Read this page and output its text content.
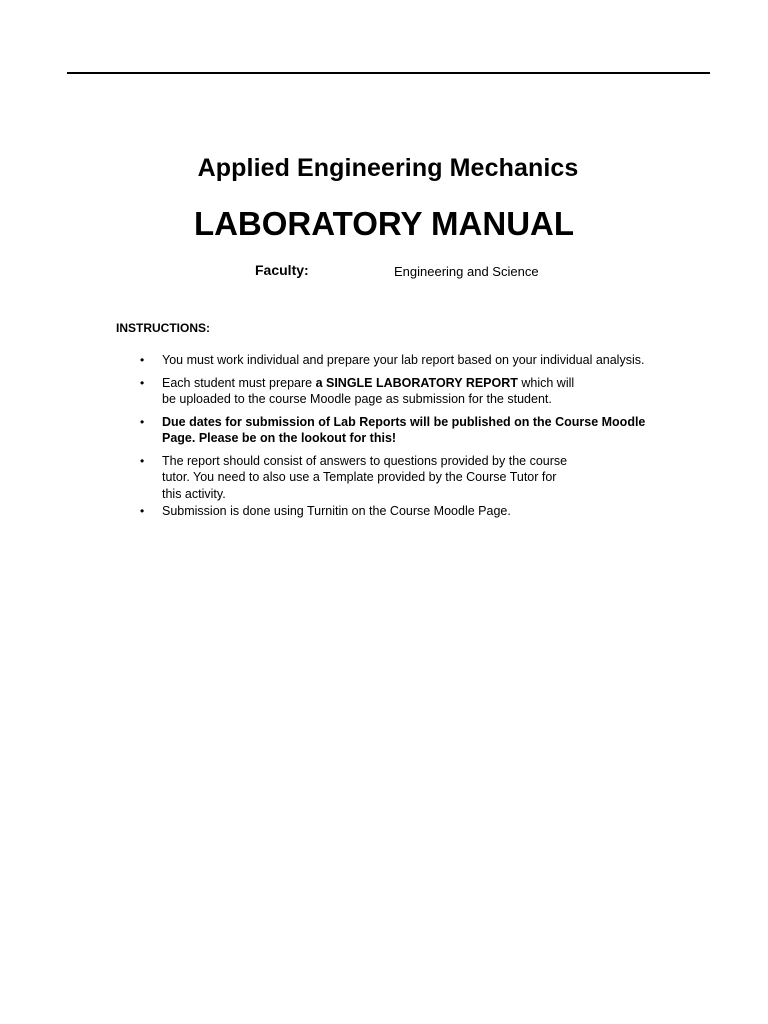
Applied Engineering Mechanics
LABORATORY MANUAL
Faculty:	Engineering and Science
INSTRUCTIONS:
• You must work individual and prepare your lab report based on your individual analysis.
• Each student must prepare a SINGLE LABORATORY REPORT which will
be uploaded to the course Moodle page as submission for the student.
• Due dates for submission of Lab Reports will be published on the Course Moodle
Page. Please be on the lookout for this!
• The report should consist of answers to questions provided by the course
tutor. You need to also use a Template provided by the Course Tutor for
this activity.
• Submission is done using Turnitin on the Course Moodle Page.
